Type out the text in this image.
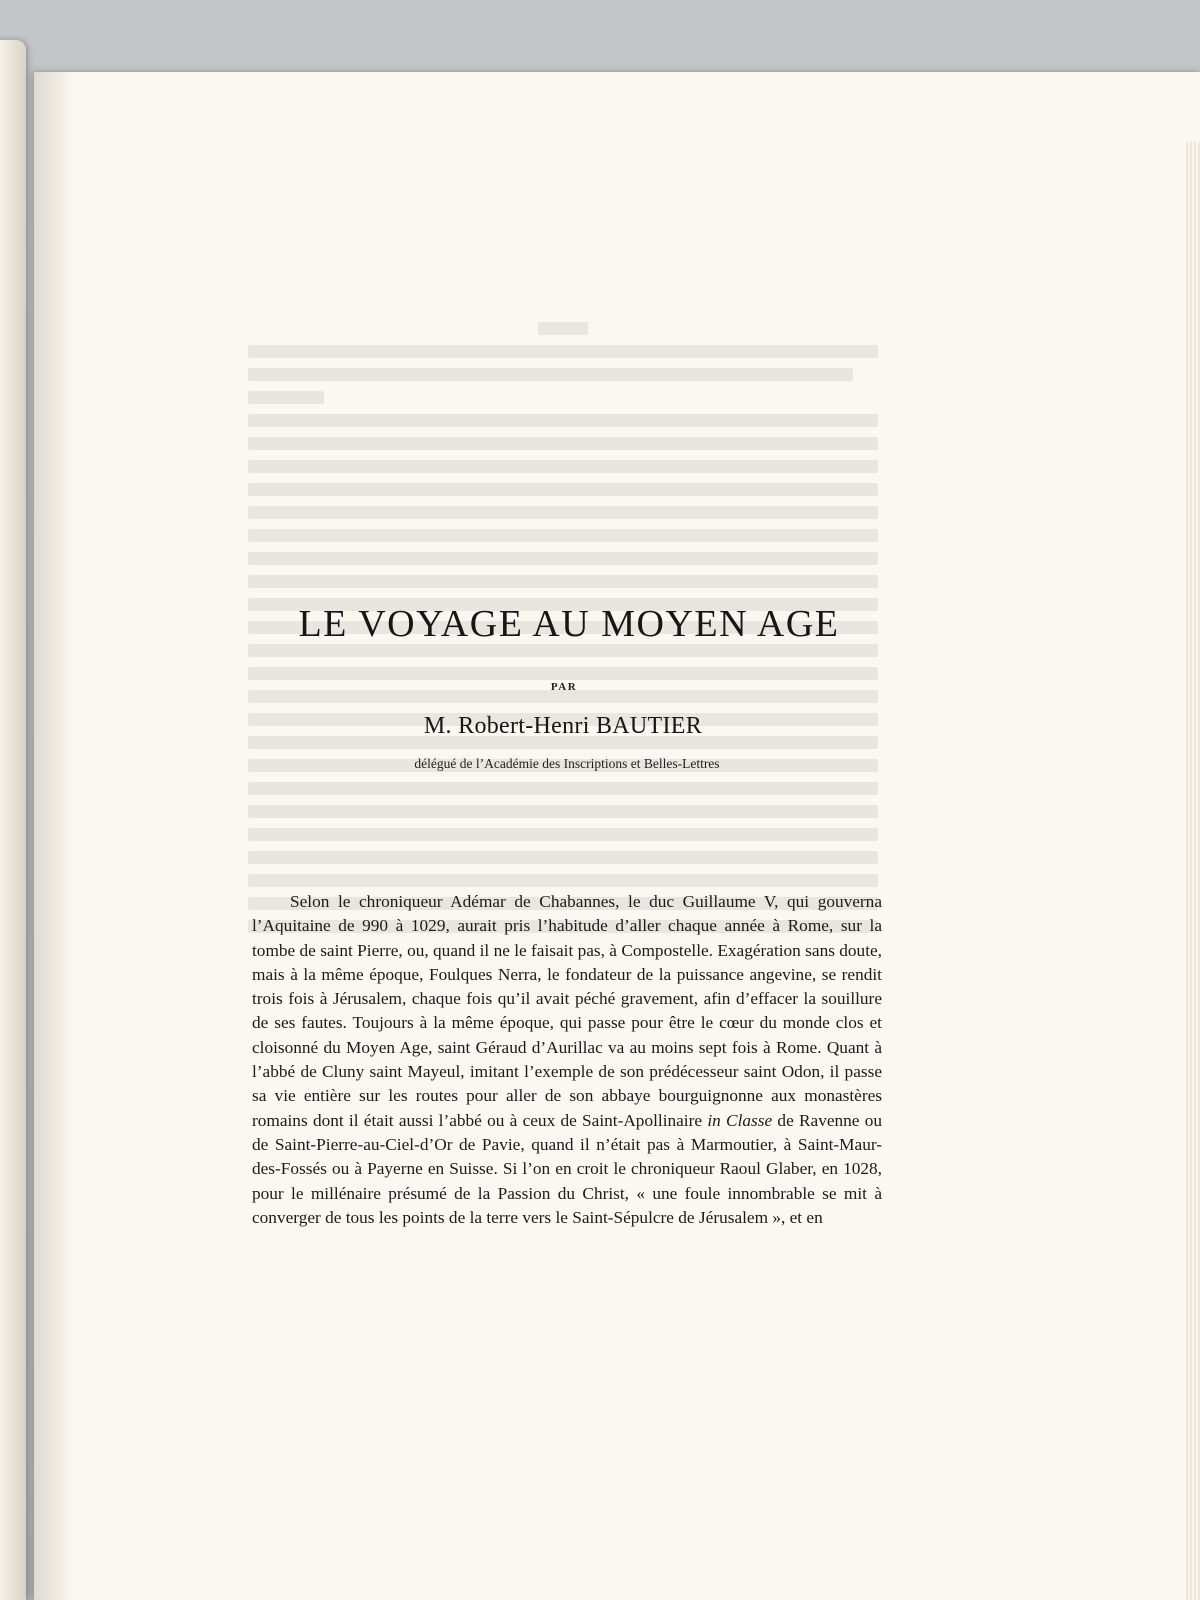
LE VOYAGE AU MOYEN AGE
PAR
M. Robert-Henri BAUTIER
délégué de l’Académie des Inscriptions et Belles-Lettres

Selon le chroniqueur Adémar de Chabannes, le duc Guillaume V, qui gouverna l’Aquitaine de 990 à 1029, aurait pris l’habitude d’aller chaque année à Rome, sur la tombe de saint Pierre, ou, quand il ne le faisait pas, à Compostelle. Exagération sans doute, mais à la même époque, Foulques Nerra, le fondateur de la puissance angevine, se rendit trois fois à Jérusalem, chaque fois qu’il avait péché gravement, afin d’effacer la souillure de ses fautes. Toujours à la même époque, qui passe pour être le cœur du monde clos et cloisonné du Moyen Age, saint Géraud d’Aurillac va au moins sept fois à Rome. Quant à l’abbé de Cluny saint Mayeul, imitant l’exemple de son prédécesseur saint Odon, il passe sa vie entière sur les routes pour aller de son abbaye bourguignonne aux monastères romains dont il était aussi l’abbé ou à ceux de Saint-Apollinaire in Classe de Ravenne ou de Saint-Pierre-au-Ciel-d’Or de Pavie, quand il n’était pas à Marmoutier, à Saint-Maur-des-Fossés ou à Payerne en Suisse. Si l’on en croit le chroniqueur Raoul Glaber, en 1028, pour le millénaire présumé de la Passion du Christ, « une foule innombrable se mit à converger de tous les points de la terre vers le Saint-Sépulcre de Jérusalem », et en
